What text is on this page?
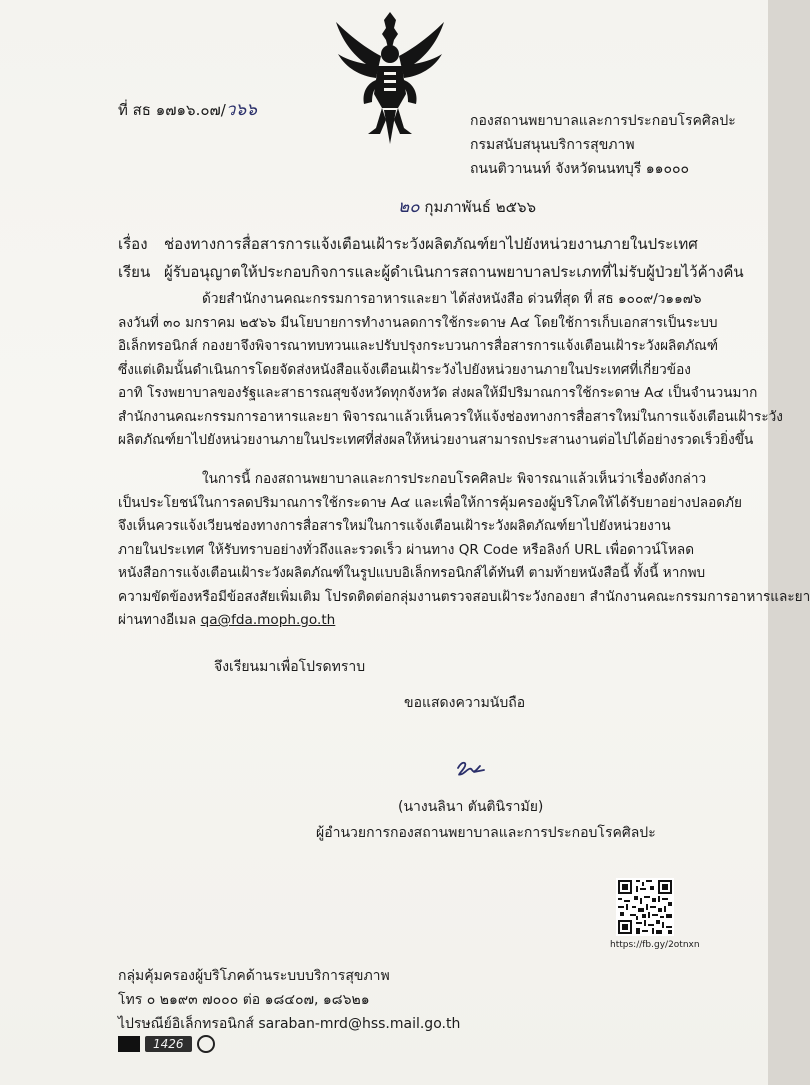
ที่ สธ ๑๗๑๖.๐๗/ว๖๖
กองสถานพยาบาลและการประกอบโรคศิลปะ
กรมสนับสนุนบริการสุขภาพ
ถนนติวานนท์ จังหวัดนนทบุรี ๑๑๐๐๐
๒๐ กุมภาพันธ์ ๒๕๖๖
เรื่อง ช่องทางการสื่อสารการแจ้งเตือนเฝ้าระวังผลิตภัณฑ์ยาไปยังหน่วยงานภายในประเทศ
เรียน ผู้รับอนุญาตให้ประกอบกิจการและผู้ดำเนินการสถานพยาบาลประเภทที่ไม่รับผู้ป่วยไว้ค้างคืน
ด้วยสำนักงานคณะกรรมการอาหารและยา ได้ส่งหนังสือ ด่วนที่สุด ที่ สธ ๑๐๐๙/ว๑๑๗๖
ลงวันที่ ๓๐ มกราคม ๒๕๖๖ มีนโยบายการทำงานลดการใช้กระดาษ A๔ โดยใช้การเก็บเอกสารเป็นระบบ
อิเล็กทรอนิกส์ กองยาจึงพิจารณาทบทวนและปรับปรุงกระบวนการสื่อสารการแจ้งเตือนเฝ้าระวังผลิตภัณฑ์
ซึ่งแต่เดิมนั้นดำเนินการโดยจัดส่งหนังสือแจ้งเตือนเฝ้าระวังไปยังหน่วยงานภายในประเทศที่เกี่ยวข้อง
อาทิ โรงพยาบาลของรัฐและสาธารณสุขจังหวัดทุกจังหวัด ส่งผลให้มีปริมาณการใช้กระดาษ A๔ เป็นจำนวนมาก
สำนักงานคณะกรรมการอาหารและยา พิจารณาแล้วเห็นควรให้แจ้งช่องทางการสื่อสารใหม่ในการแจ้งเตือนเฝ้าระวัง
ผลิตภัณฑ์ยาไปยังหน่วยงานภายในประเทศที่ส่งผลให้หน่วยงานสามารถประสานงานต่อไปได้อย่างรวดเร็วยิ่งขึ้น
ในการนี้ กองสถานพยาบาลและการประกอบโรคศิลปะ พิจารณาแล้วเห็นว่าเรื่องดังกล่าว
เป็นประโยชน์ในการลดปริมาณการใช้กระดาษ A๔ และเพื่อให้การคุ้มครองผู้บริโภคให้ได้รับยาอย่างปลอดภัย
จึงเห็นควรแจ้งเวียนช่องทางการสื่อสารใหม่ในการแจ้งเตือนเฝ้าระวังผลิตภัณฑ์ยาไปยังหน่วยงาน
ภายในประเทศ ให้รับทราบอย่างทั่วถึงและรวดเร็ว ผ่านทาง QR Code หรือลิงก์ URL เพื่อดาวน์โหลด
หนังสือการแจ้งเตือนเฝ้าระวังผลิตภัณฑ์ในรูปแบบอิเล็กทรอนิกส์ได้ทันที ตามท้ายหนังสือนี้ ทั้งนี้ หากพบ
ความขัดข้องหรือมีข้อสงสัยเพิ่มเติม โปรดติดต่อกลุ่มงานตรวจสอบเฝ้าระวังกองยา สำนักงานคณะกรรมการอาหารและยา
ผ่านทางอีเมล qa@fda.moph.go.th
จึงเรียนมาเพื่อโปรดทราบ
ขอแสดงความนับถือ
(นางนลินา ตันตินิรามัย)
ผู้อำนวยการกองสถานพยาบาลและการประกอบโรคศิลปะ
https://fb.gy/2otnxn
กลุ่มคุ้มครองผู้บริโภคด้านระบบบริการสุขภาพ
โทร ๐ ๒๑๙๓ ๗๐๐๐ ต่อ ๑๘๔๐๗, ๑๘๖๒๑
ไปรษณีย์อิเล็กทรอนิกส์ saraban-mrd@hss.mail.go.th
1426
